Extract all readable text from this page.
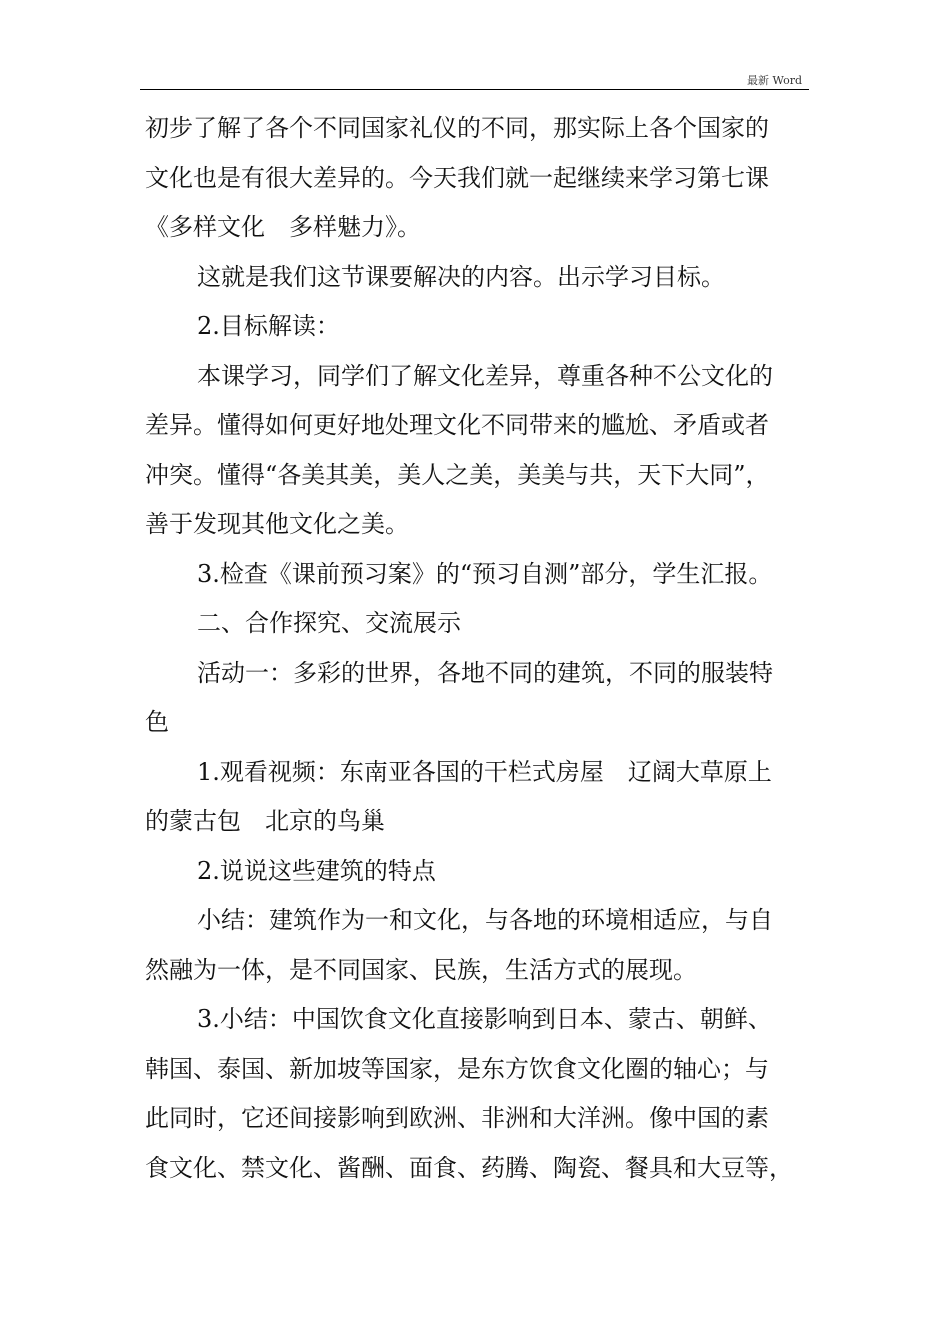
最新 Word

初步了解了各个不同国家礼仪的不同，那实际上各个国家的

文化也是有很大差异的。今天我们就一起继续来学习第七课

《多样文化　多样魅力》。

这就是我们这节课要解决的内容。出示学习目标。

2.目标解读：

本课学习，同学们了解文化差异，尊重各种不公文化的

差异。懂得如何更好地处理文化不同带来的尴尬、矛盾或者

冲突。懂得“各美其美，美人之美，美美与共，天下大同”，

善于发现其他文化之美。

3.检查《课前预习案》的“预习自测”部分，学生汇报。

二、合作探究、交流展示

活动一：多彩的世界，各地不同的建筑，不同的服装特

色

1.观看视频：东南亚各国的干栏式房屋　辽阔大草原上

的蒙古包　北京的鸟巢

2.说说这些建筑的特点

小结：建筑作为一和文化，与各地的环境相适应，与自

然融为一体，是不同国家、民族，生活方式的展现。

3.小结：中国饮食文化直接影响到日本、蒙古、朝鲜、

韩国、泰国、新加坡等国家，是东方饮食文化圈的轴心；与

此同时，它还间接影响到欧洲、非洲和大洋洲。像中国的素

食文化、禁文化、酱酬、面食、药腾、陶瓷、餐具和大豆等，
